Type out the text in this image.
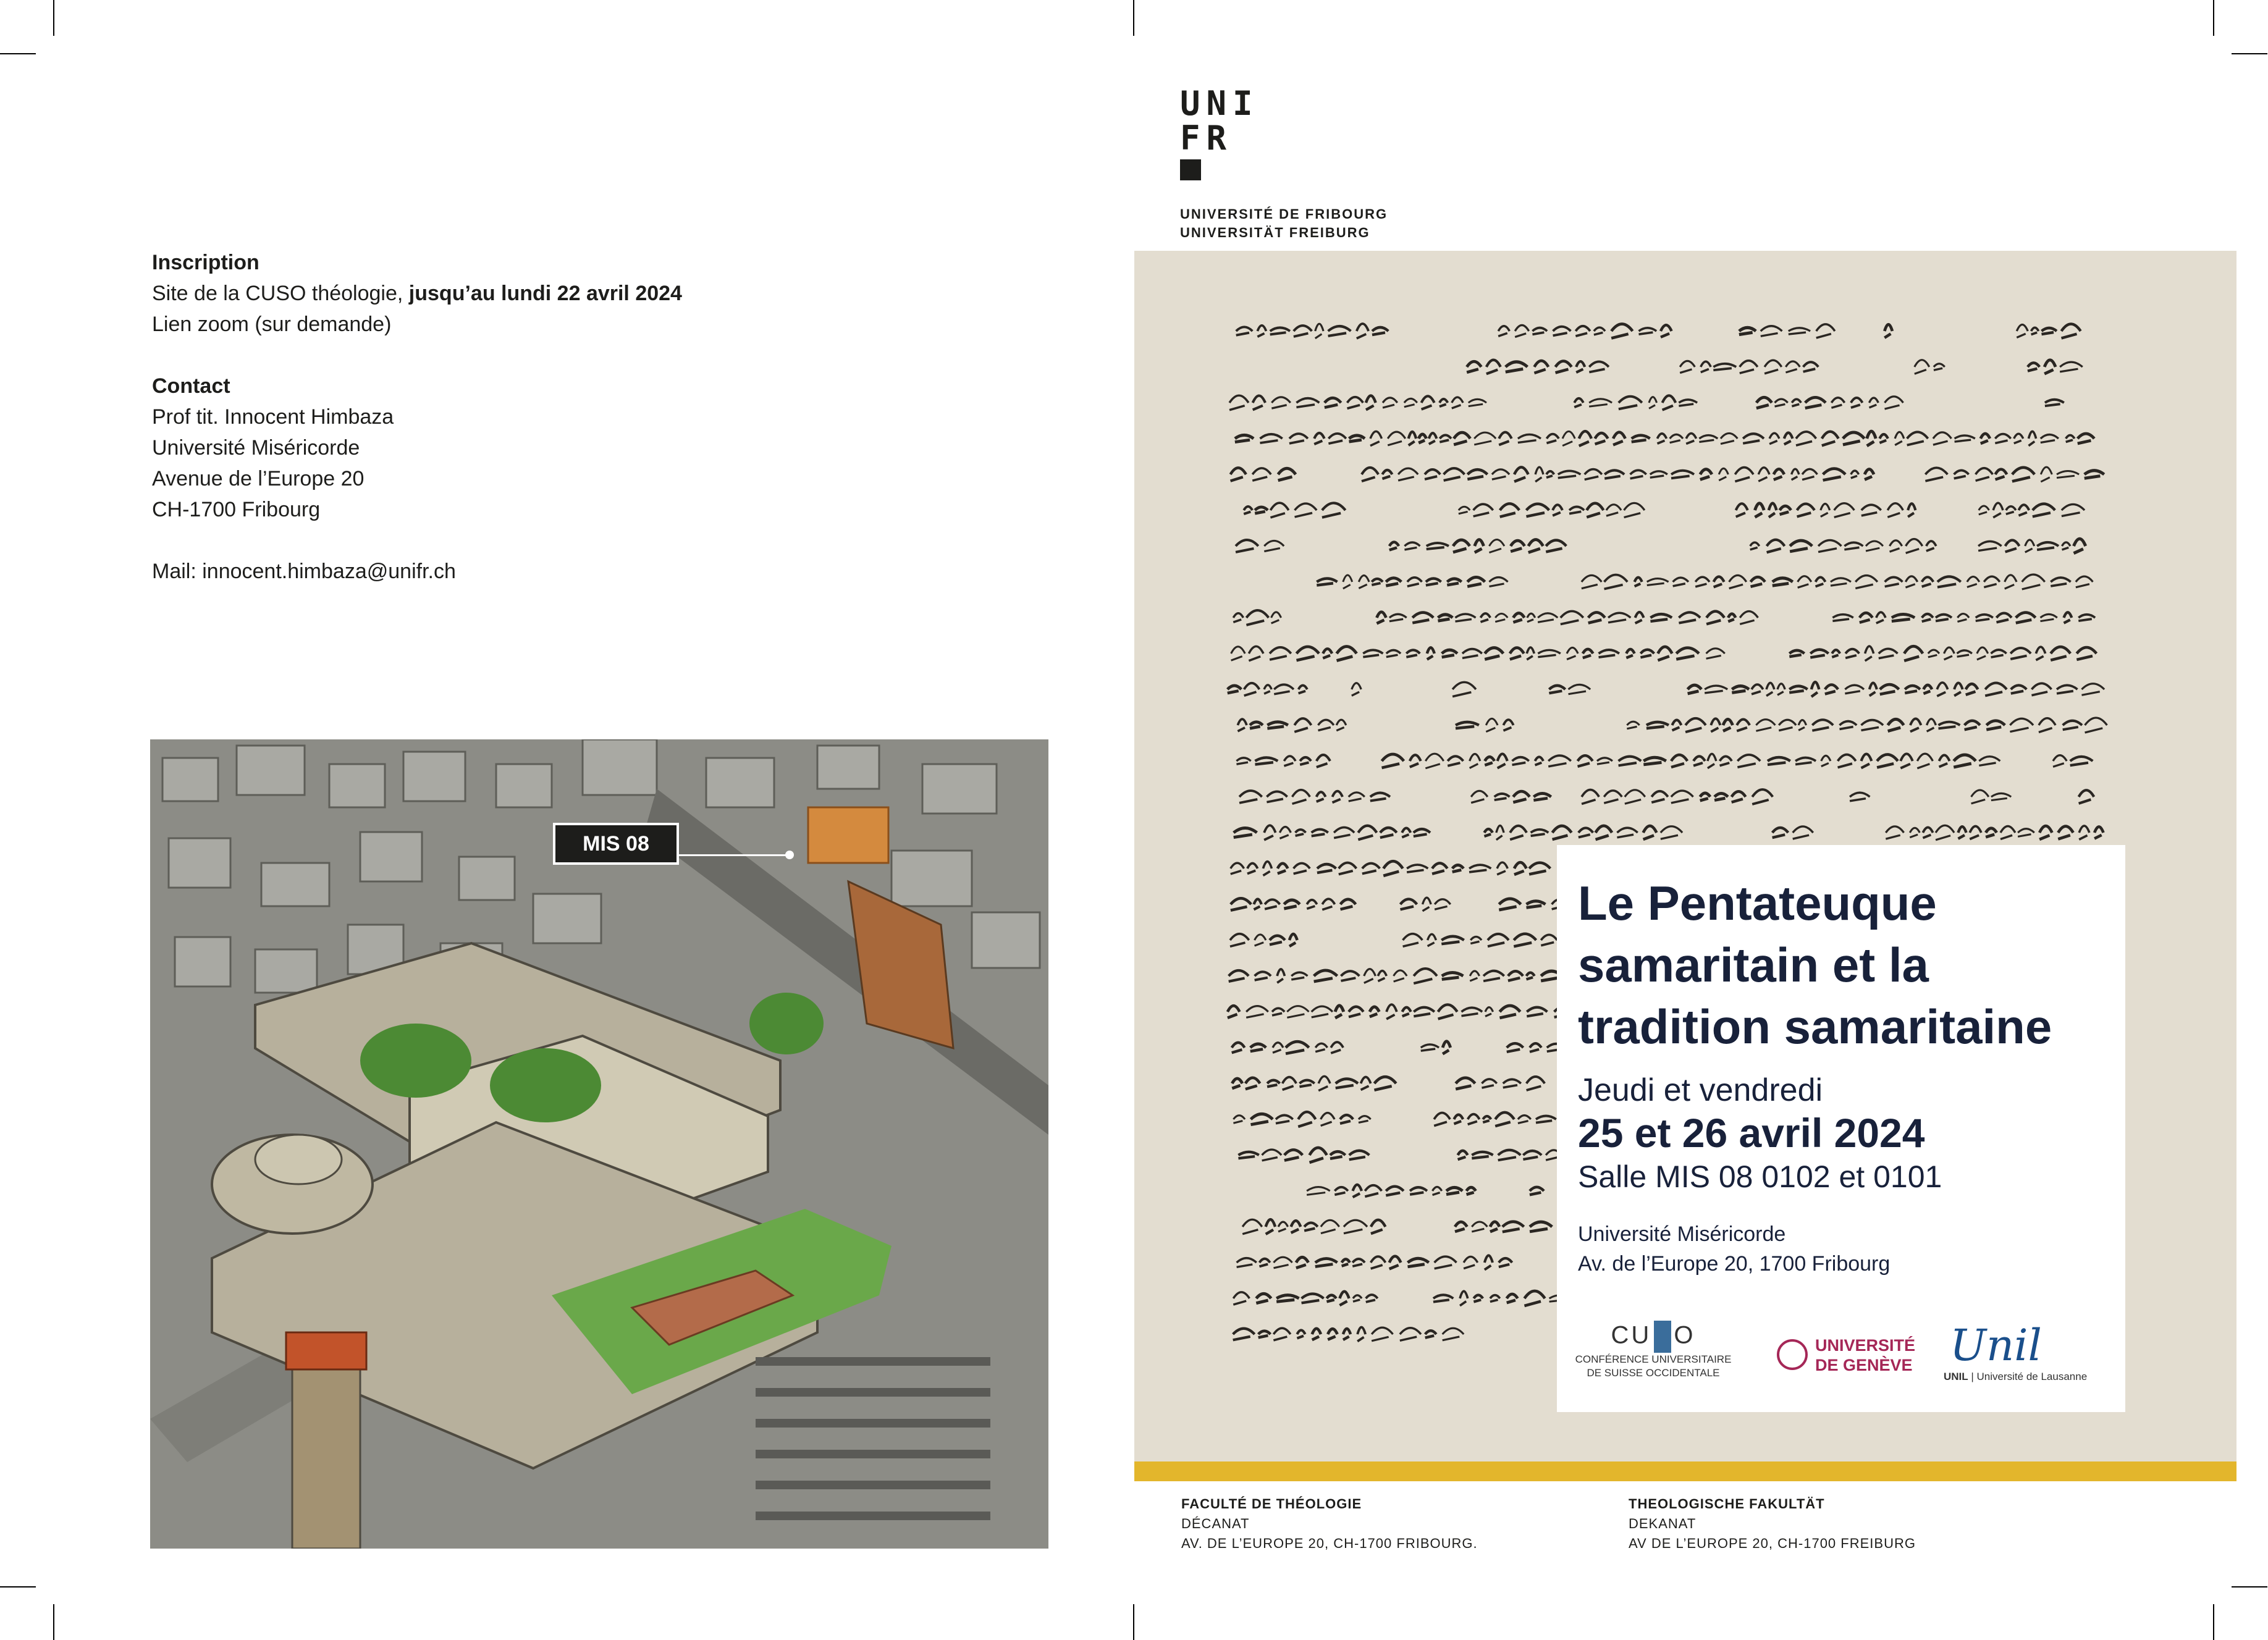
Inscription
Site de la CUSO théologie, jusqu’au lundi 22 avril 2024
Lien zoom (sur demande)
Contact
Prof tit. Innocent Himbaza
Université Miséricorde
Avenue de l’Europe 20
CH-1700 Fribourg
Mail: innocent.himbaza@unifr.ch
MIS 08
UNI
FR
UNIVERSITÉ DE FRIBOURG
UNIVERSITÄT FREIBURG
Le Pentateuque
samaritain et la
tradition samaritaine
Jeudi et vendredi
25 et 26 avril 2024
Salle MIS 08 0102 et 0101
Université Miséricorde
Av. de l’Europe 20, 1700 Fribourg
CU O
CONFÉRENCE UNIVERSITAIRE
DE SUISSE OCCIDENTALE
UNIVERSITÉ
DE GENÈVE Unil
UNIL | Université de Lausanne
FACULTÉ DE THÉOLOGIE
DÉCANAT
AV. DE L’EUROPE 20, CH-1700 FRIBOURG.
THEOLOGISCHE FAKULTÄT
DEKANAT
AV DE L’EUROPE 20, CH-1700 FREIBURG
